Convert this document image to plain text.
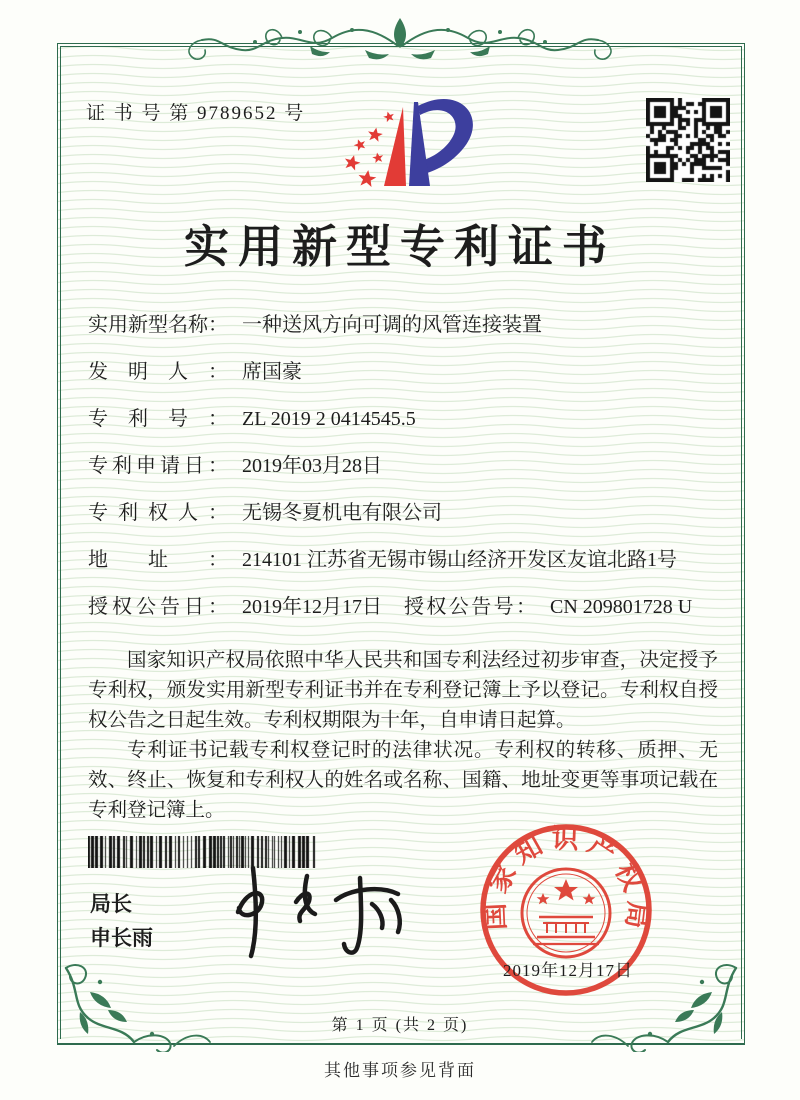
证 书 号 第 9789652 号
实用新型专利证书
实用新型名称： 一种送风方向可调的风管连接装置
发明人： 席国豪
专利号： ZL 2019 2 0414545.5
专利申请日： 2019年03月28日
专利权人： 无锡冬夏机电有限公司
地址： 214101 江苏省无锡市锡山经济开发区友谊北路1号
授权公告日： 2019年12月17日 授权公告号： CN 209801728 U

国家知识产权局依照中华人民共和国专利法经过初步审查，决定授予专利权，颁发实用新型专利证书并在专利登记簿上予以登记。专利权自授权公告之日起生效。专利权期限为十年，自申请日起算。

专利证书记载专利权登记时的法律状况。专利权的转移、质押、无效、终止、恢复和专利权人的姓名或名称、国籍、地址变更等事项记载在专利登记簿上。

局长
申长雨
国家知识产权局
2019年12月17日
第 1 页 (共 2 页)
其他事项参见背面
